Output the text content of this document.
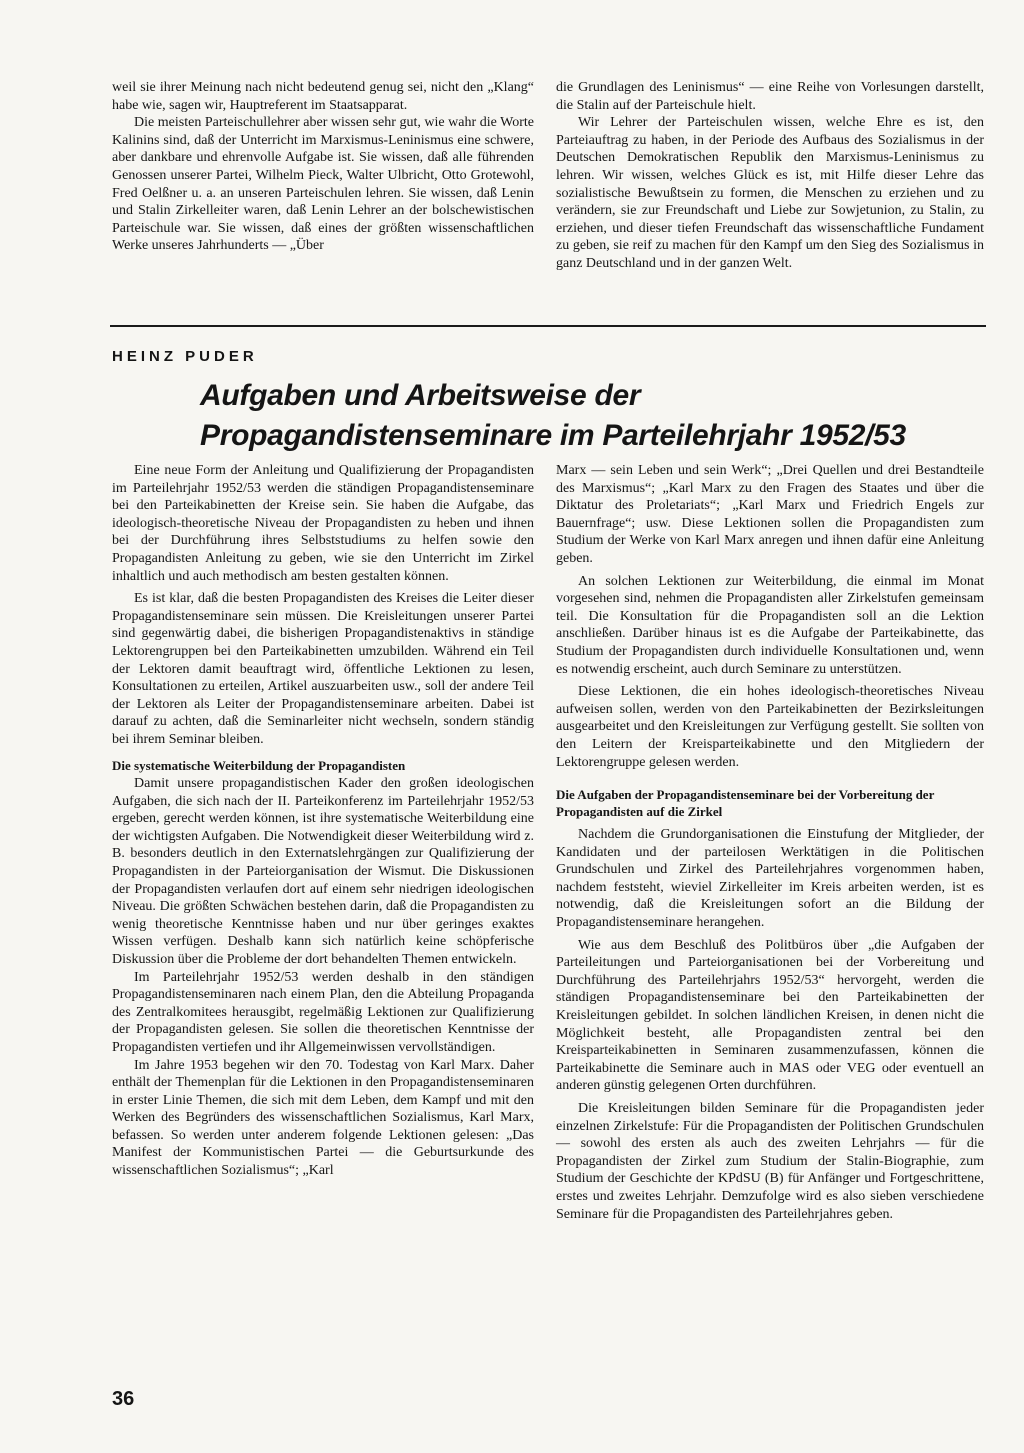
weil sie ihrer Meinung nach nicht bedeutend genug sei, nicht den „Klang“ habe wie, sagen wir, Hauptreferent im Staatsapparat.

Die meisten Parteischullehrer aber wissen sehr gut, wie wahr die Worte Kalinins sind, daß der Unterricht im Marxismus-Leninismus eine schwere, aber dankbare und ehrenvolle Aufgabe ist. Sie wissen, daß alle führenden Genossen unserer Partei, Wilhelm Pieck, Walter Ulbricht, Otto Grotewohl, Fred Oelßner u. a. an unseren Parteischulen lehren. Sie wissen, daß Lenin und Stalin Zirkelleiter waren, daß Lenin Lehrer an der bolschewistischen Parteischule war. Sie wissen, daß eines der größten wissenschaftlichen Werke unseres Jahrhunderts — „Über

die Grundlagen des Leninismus“ — eine Reihe von Vorlesungen darstellt, die Stalin auf der Parteischule hielt.

Wir Lehrer der Parteischulen wissen, welche Ehre es ist, den Parteiauftrag zu haben, in der Periode des Aufbaus des Sozialismus in der Deutschen Demokratischen Republik den Marxismus-Leninismus zu lehren. Wir wissen, welches Glück es ist, mit Hilfe dieser Lehre das sozialistische Bewußtsein zu formen, die Menschen zu erziehen und zu verändern, sie zur Freundschaft und Liebe zur Sowjetunion, zu Stalin, zu erziehen, und dieser tiefen Freundschaft das wissenschaftliche Fundament zu geben, sie reif zu machen für den Kampf um den Sieg des Sozialismus in ganz Deutschland und in der ganzen Welt.

HEINZ PUDER
Aufgaben und Arbeitsweise der
Propagandistenseminare im Parteilehrjahr 1952/53

Eine neue Form der Anleitung und Qualifizierung der Propagandisten im Parteilehrjahr 1952/53 werden die ständigen Propagandistenseminare bei den Parteikabinetten der Kreise sein. Sie haben die Aufgabe, das ideologisch-theoretische Niveau der Propagandisten zu heben und ihnen bei der Durchführung ihres Selbststudiums zu helfen sowie den Propagandisten Anleitung zu geben, wie sie den Unterricht im Zirkel inhaltlich und auch methodisch am besten gestalten können.

Es ist klar, daß die besten Propagandisten des Kreises die Leiter dieser Propagandistenseminare sein müssen. Die Kreisleitungen unserer Partei sind gegenwärtig dabei, die bisherigen Propagandistenaktivs in ständige Lektorengruppen bei den Parteikabinetten umzubilden. Während ein Teil der Lektoren damit beauftragt wird, öffentliche Lektionen zu lesen, Konsultationen zu erteilen, Artikel auszuarbeiten usw., soll der andere Teil der Lektoren als Leiter der Propagandistenseminare arbeiten. Dabei ist darauf zu achten, daß die Seminarleiter nicht wechseln, sondern ständig bei ihrem Seminar bleiben.

Die systematische Weiterbildung der Propagandisten

Damit unsere propagandistischen Kader den großen ideologischen Aufgaben, die sich nach der II. Parteikonferenz im Parteilehrjahr 1952/53 ergeben, gerecht werden können, ist ihre systematische Weiterbildung eine der wichtigsten Aufgaben. Die Notwendigkeit dieser Weiterbildung wird z. B. besonders deutlich in den Externatslehrgängen zur Qualifizierung der Propagandisten in der Parteiorganisation der Wismut. Die Diskussionen der Propagandisten verlaufen dort auf einem sehr niedrigen ideologischen Niveau. Die größten Schwächen bestehen darin, daß die Propagandisten zu wenig theoretische Kenntnisse haben und nur über geringes exaktes Wissen verfügen. Deshalb kann sich natürlich keine schöpferische Diskussion über die Probleme der dort behandelten Themen entwickeln.

Im Parteilehrjahr 1952/53 werden deshalb in den ständigen Propagandistenseminaren nach einem Plan, den die Abteilung Propaganda des Zentralkomitees herausgibt, regelmäßig Lektionen zur Qualifizierung der Propagandisten gelesen. Sie sollen die theoretischen Kenntnisse der Propagandisten vertiefen und ihr Allgemeinwissen vervollständigen.

Im Jahre 1953 begehen wir den 70. Todestag von Karl Marx. Daher enthält der Themenplan für die Lektionen in den Propagandistenseminaren in erster Linie Themen, die sich mit dem Leben, dem Kampf und mit den Werken des Begründers des wissenschaftlichen Sozialismus, Karl Marx, befassen. So werden unter anderem folgende Lektionen gelesen: „Das Manifest der Kommunistischen Partei — die Geburtsurkunde des wissenschaftlichen Sozialismus“; „Karl

Marx — sein Leben und sein Werk“; „Drei Quellen und drei Bestandteile des Marxismus“; „Karl Marx zu den Fragen des Staates und über die Diktatur des Proletariats“; „Karl Marx und Friedrich Engels zur Bauernfrage“; usw. Diese Lektionen sollen die Propagandisten zum Studium der Werke von Karl Marx anregen und ihnen dafür eine Anleitung geben.

An solchen Lektionen zur Weiterbildung, die einmal im Monat vorgesehen sind, nehmen die Propagandisten aller Zirkelstufen gemeinsam teil. Die Konsultation für die Propagandisten soll an die Lektion anschließen. Darüber hinaus ist es die Aufgabe der Parteikabinette, das Studium der Propagandisten durch individuelle Konsultationen und, wenn es notwendig erscheint, auch durch Seminare zu unterstützen.

Diese Lektionen, die ein hohes ideologisch-theoretisches Niveau aufweisen sollen, werden von den Parteikabinetten der Bezirksleitungen ausgearbeitet und den Kreisleitungen zur Verfügung gestellt. Sie sollten von den Leitern der Kreisparteikabinette und den Mitgliedern der Lektorengruppe gelesen werden.

Die Aufgaben der Propagandistenseminare bei der Vorbereitung der Propagandisten auf die Zirkel

Nachdem die Grundorganisationen die Einstufung der Mitglieder, der Kandidaten und der parteilosen Werktätigen in die Politischen Grundschulen und Zirkel des Parteilehrjahres vorgenommen haben, nachdem feststeht, wieviel Zirkelleiter im Kreis arbeiten werden, ist es notwendig, daß die Kreisleitungen sofort an die Bildung der Propagandistenseminare herangehen.

Wie aus dem Beschluß des Politbüros über „die Aufgaben der Parteileitungen und Parteiorganisationen bei der Vorbereitung und Durchführung des Parteilehrjahrs 1952/53“ hervorgeht, werden die ständigen Propagandistenseminare bei den Parteikabinetten der Kreisleitungen gebildet. In solchen ländlichen Kreisen, in denen nicht die Möglichkeit besteht, alle Propagandisten zentral bei den Kreisparteikabinetten in Seminaren zusammenzufassen, können die Parteikabinette die Seminare auch in MAS oder VEG oder eventuell an anderen günstig gelegenen Orten durchführen.

Die Kreisleitungen bilden Seminare für die Propagandisten jeder einzelnen Zirkelstufe: Für die Propagandisten der Politischen Grundschulen — sowohl des ersten als auch des zweiten Lehrjahrs — für die Propagandisten der Zirkel zum Studium der Stalin-Biographie, zum Studium der Geschichte der KPdSU (B) für Anfänger und Fortgeschrittene, erstes und zweites Lehrjahr. Demzufolge wird es also sieben verschiedene Seminare für die Propagandisten des Parteilehrjahres geben.

36
